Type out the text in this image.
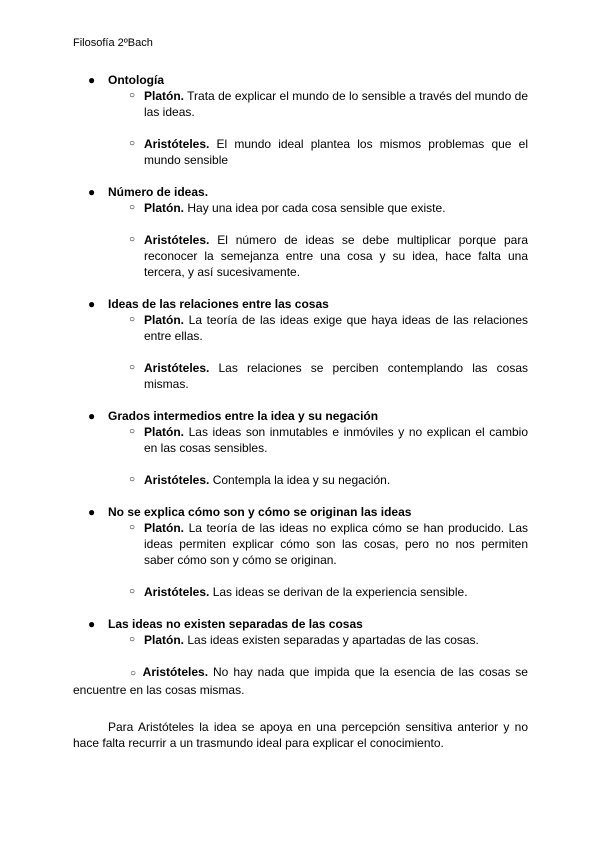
Filosofía 2ºBach
● Ontología
○ Platón. Trata de explicar el mundo de lo sensible a través del mundo de las ideas.
○ Aristóteles. El mundo ideal plantea los mismos problemas que el mundo sensible
● Número de ideas.
○ Platón. Hay una idea por cada cosa sensible que existe.
○ Aristóteles. El número de ideas se debe multiplicar porque para reconocer la semejanza entre una cosa y su idea, hace falta una tercera, y así sucesivamente.
● Ideas de las relaciones entre las cosas
○ Platón. La teoría de las ideas exige que haya ideas de las relaciones entre ellas.
○ Aristóteles. Las relaciones se perciben contemplando las cosas mismas.
● Grados intermedios entre la idea y su negación
○ Platón. Las ideas son inmutables e inmóviles y no explican el cambio en las cosas sensibles.
○ Aristóteles. Contempla la idea y su negación.
● No se explica cómo son y cómo se originan las ideas
○ Platón. La teoría de las ideas no explica cómo se han producido. Las ideas permiten explicar cómo son las cosas, pero no nos permiten saber cómo son y cómo se originan.
○ Aristóteles. Las ideas se derivan de la experiencia sensible.
● Las ideas no existen separadas de las cosas
○ Platón. Las ideas existen separadas y apartadas de las cosas.
○ Aristóteles. No hay nada que impida que la esencia de las cosas se encuentre en las cosas mismas.

Para Aristóteles la idea se apoya en una percepción sensitiva anterior y no hace falta recurrir a un trasmundo ideal para explicar el conocimiento.
